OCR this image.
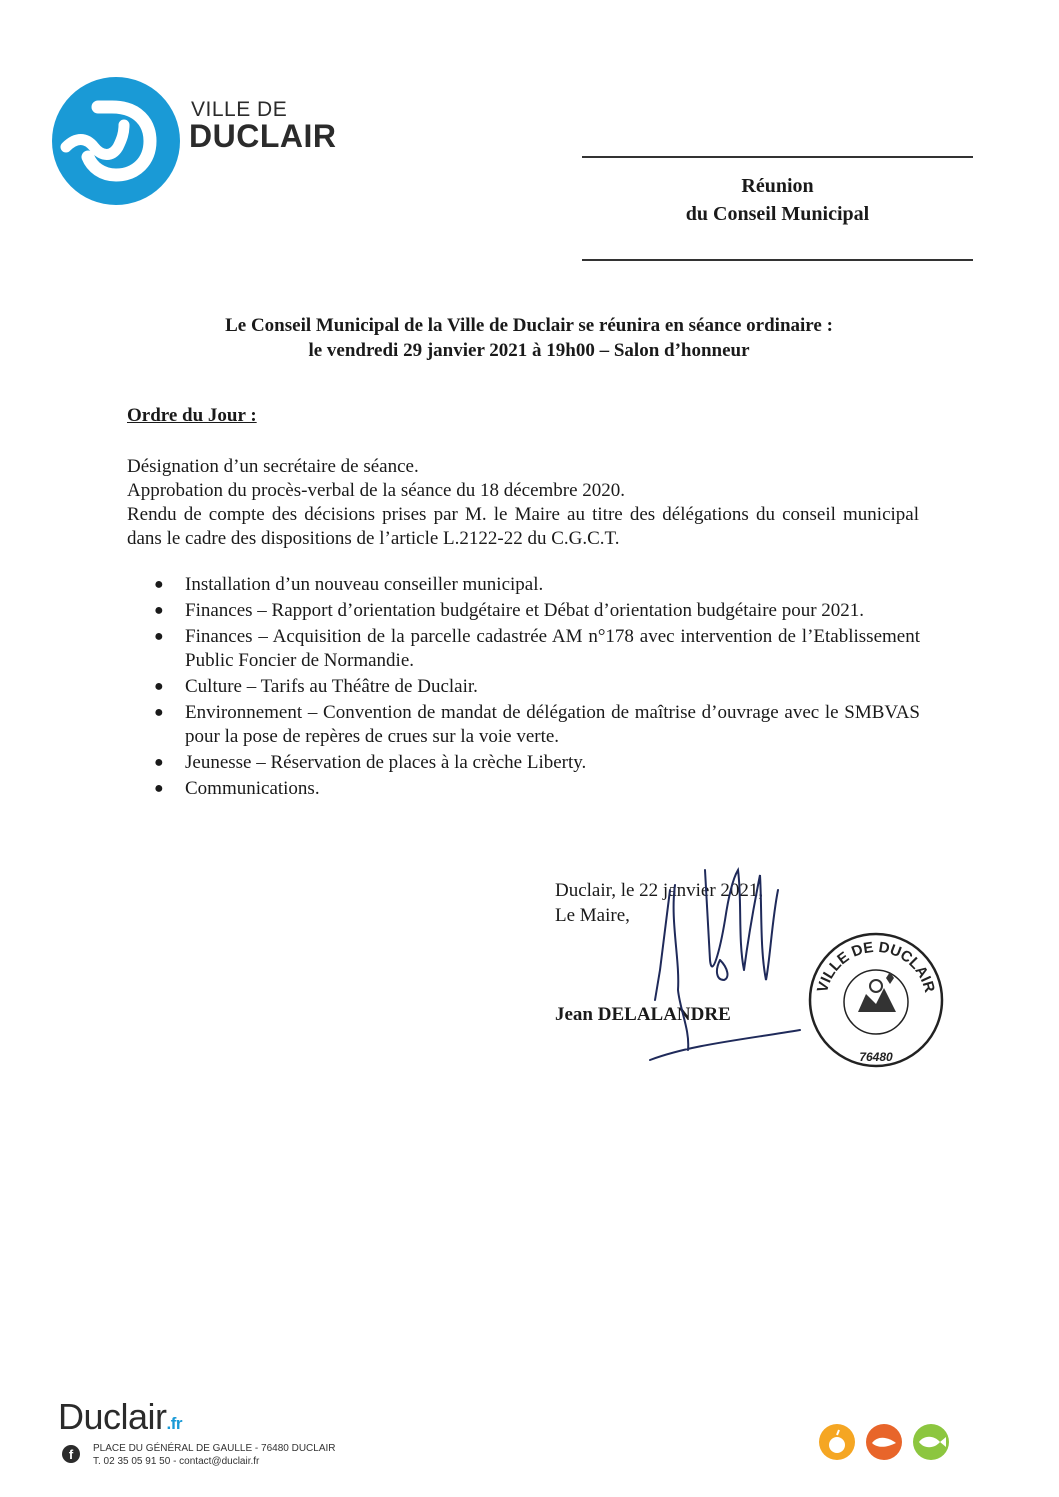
VILLE DE
DUCLAIR
Réunion
du Conseil Municipal
Le Conseil Municipal de la Ville de Duclair se réunira en séance ordinaire :
le vendredi 29 janvier 2021 à 19h00 – Salon d’honneur
Ordre du Jour :
Désignation d’un secrétaire de séance.
Approbation du procès-verbal de la séance du 18 décembre 2020.
Rendu de compte des décisions prises par M. le Maire au titre des délégations du conseil municipal dans le cadre des dispositions de l’article L.2122-22 du C.G.C.T.
● Installation d’un nouveau conseiller municipal.
● Finances – Rapport d’orientation budgétaire et Débat d’orientation budgétaire pour 2021.
● Finances – Acquisition de la parcelle cadastrée AM n°178 avec intervention de l’Etablissement Public Foncier de Normandie.
● Culture – Tarifs au Théâtre de Duclair.
● Environnement – Convention de mandat de délégation de maîtrise d’ouvrage avec le SMBVAS pour la pose de repères de crues sur la voie verte.
● Jeunesse – Réservation de places à la crèche Liberty.
● Communications.
Duclair, le 22 janvier 2021,
Le Maire,
Jean DELALANDRE
VILLE DE DUCLAIR
76480
Duclair.fr
f	PLACE DU GÉNÉRAL DE GAULLE - 76480 DUCLAIR
T. 02 35 05 91 50 - contact@duclair.fr
